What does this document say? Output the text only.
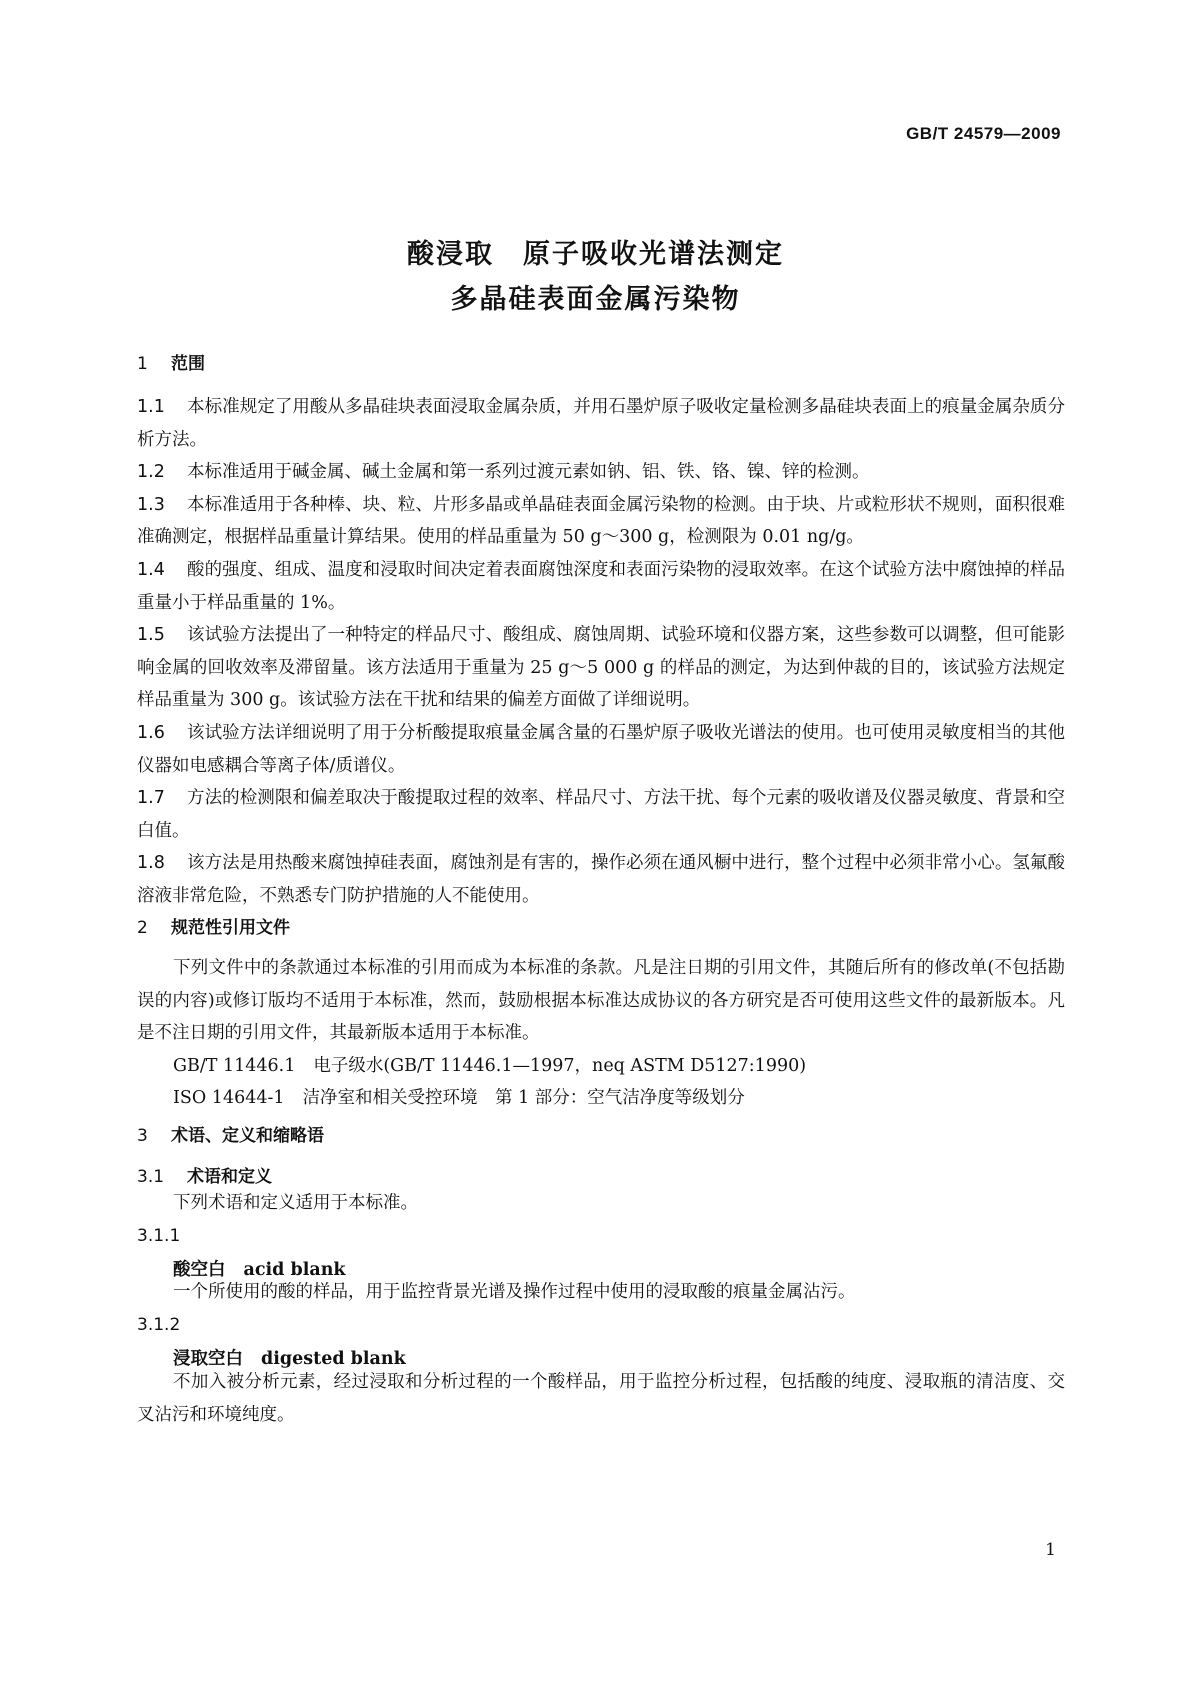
GB/T 24579—2009
酸浸取　原子吸收光谱法测定
多晶硅表面金属污染物

1 范围

1.1 本标准规定了用酸从多晶硅块表面浸取金属杂质，并用石墨炉原子吸收定量检测多晶硅块表面上的痕量金属杂质分析方法。

1.2 本标准适用于碱金属、碱土金属和第一系列过渡元素如钠、铝、铁、铬、镍、锌的检测。

1.3 本标准适用于各种棒、块、粒、片形多晶或单晶硅表面金属污染物的检测。由于块、片或粒形状不规则，面积很难准确测定，根据样品重量计算结果。使用的样品重量为 50 g～300 g，检测限为 0.01 ng/g。

1.4 酸的强度、组成、温度和浸取时间决定着表面腐蚀深度和表面污染物的浸取效率。在这个试验方法中腐蚀掉的样品重量小于样品重量的 1%。

1.5 该试验方法提出了一种特定的样品尺寸、酸组成、腐蚀周期、试验环境和仪器方案，这些参数可以调整，但可能影响金属的回收效率及滞留量。该方法适用于重量为 25 g～5 000 g 的样品的测定，为达到仲裁的目的，该试验方法规定样品重量为 300 g。该试验方法在干扰和结果的偏差方面做了详细说明。

1.6 该试验方法详细说明了用于分析酸提取痕量金属含量的石墨炉原子吸收光谱法的使用。也可使用灵敏度相当的其他仪器如电感耦合等离子体/质谱仪。

1.7 方法的检测限和偏差取决于酸提取过程的效率、样品尺寸、方法干扰、每个元素的吸收谱及仪器灵敏度、背景和空白值。

1.8 该方法是用热酸来腐蚀掉硅表面，腐蚀剂是有害的，操作必须在通风橱中进行，整个过程中必须非常小心。氢氟酸溶液非常危险，不熟悉专门防护措施的人不能使用。

2 规范性引用文件

下列文件中的条款通过本标准的引用而成为本标准的条款。凡是注日期的引用文件，其随后所有的修改单(不包括勘误的内容)或修订版均不适用于本标准，然而，鼓励根据本标准达成协议的各方研究是否可使用这些文件的最新版本。凡是不注日期的引用文件，其最新版本适用于本标准。

GB/T 11446.1 电子级水(GB/T 11446.1—1997，neq ASTM D5127:1990)

ISO 14644-1 洁净室和相关受控环境　第 1 部分：空气洁净度等级划分

3 术语、定义和缩略语

3.1 术语和定义

下列术语和定义适用于本标准。

3.1.1

酸空白 acid blank

一个所使用的酸的样品，用于监控背景光谱及操作过程中使用的浸取酸的痕量金属沾污。

3.1.2

浸取空白 digested blank

不加入被分析元素，经过浸取和分析过程的一个酸样品，用于监控分析过程，包括酸的纯度、浸取瓶的清洁度、交叉沾污和环境纯度。

1
